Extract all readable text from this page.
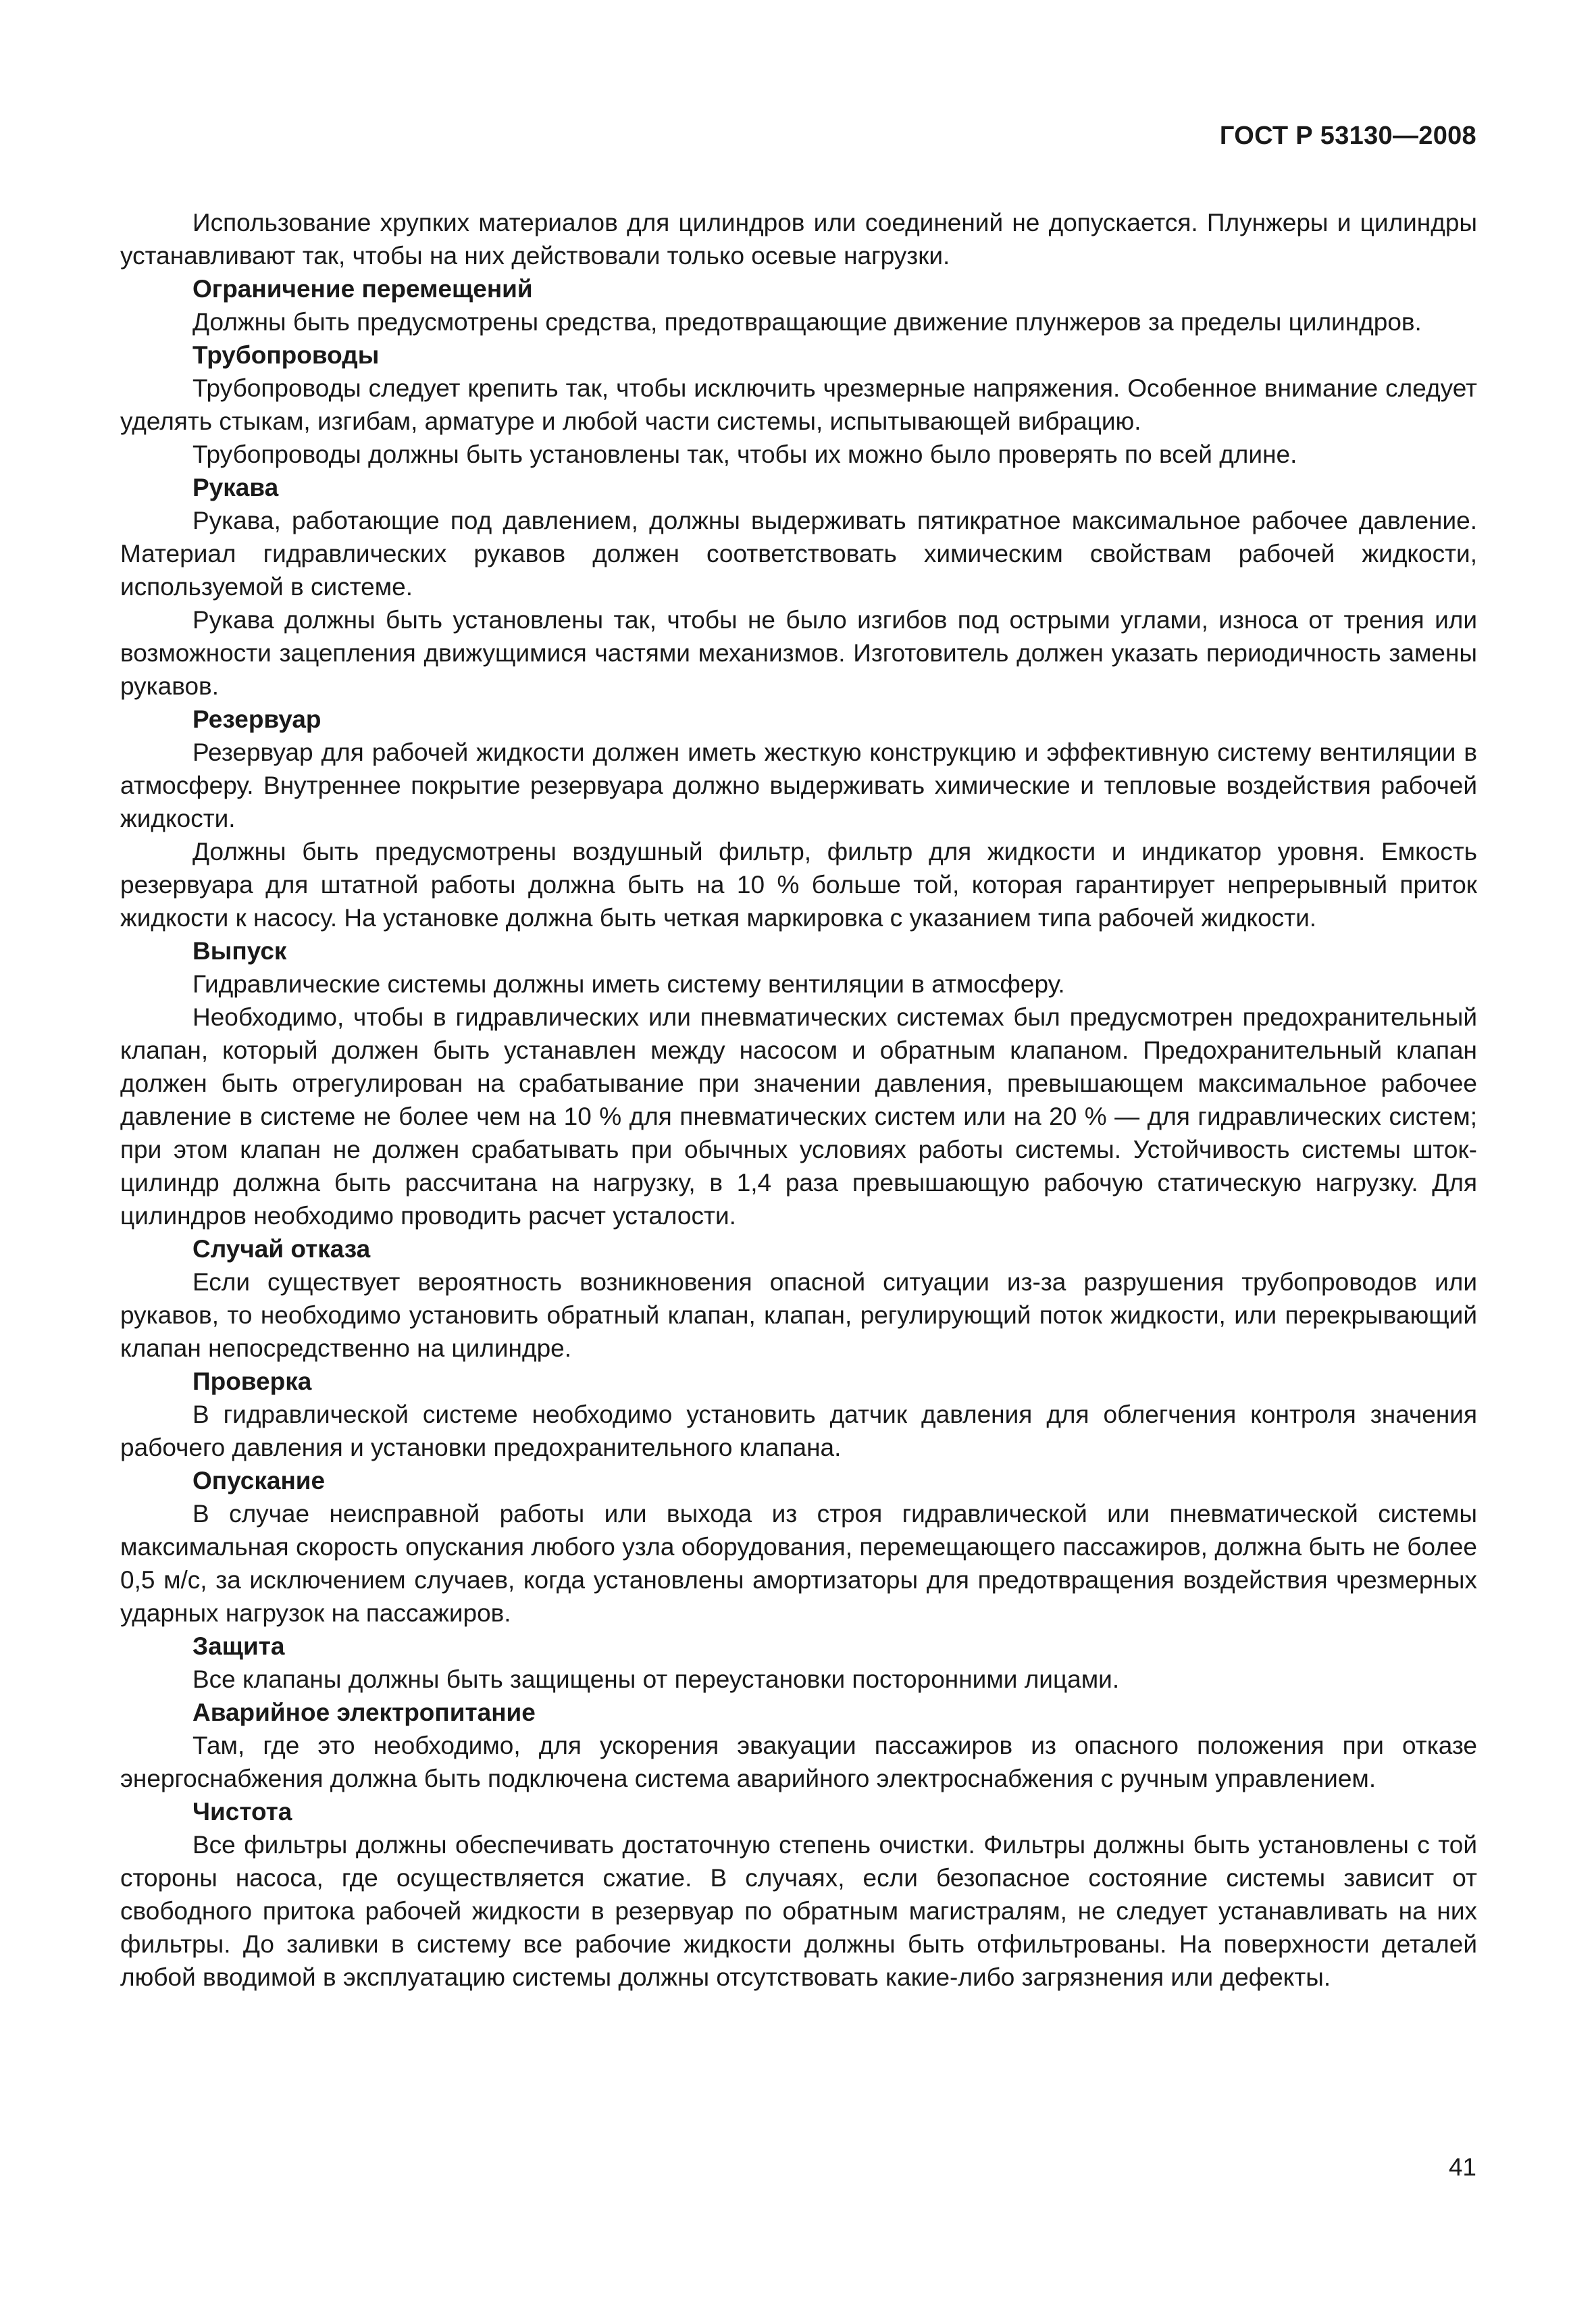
ГОСТ Р 53130—2008

Использование хрупких материалов для цилиндров или соединений не допускается. Плунжеры и цилиндры устанавливают так, чтобы на них действовали только осевые нагрузки.

Ограничение перемещений

Должны быть предусмотрены средства, предотвращающие движение плунжеров за пределы цилиндров.

Трубопроводы

Трубопроводы следует крепить так, чтобы исключить чрезмерные напряжения. Особенное внимание следует уделять стыкам, изгибам, арматуре и любой части системы, испытывающей вибрацию.

Трубопроводы должны быть установлены так, чтобы их можно было проверять по всей длине.

Рукава

Рукава, работающие под давлением, должны выдерживать пятикратное максимальное рабочее давление. Материал гидравлических рукавов должен соответствовать химическим свойствам рабочей жидкости, используемой в системе.

Рукава должны быть установлены так, чтобы не было изгибов под острыми углами, износа от трения или возможности зацепления движущимися частями механизмов. Изготовитель должен указать периодичность замены рукавов.

Резервуар

Резервуар для рабочей жидкости должен иметь жесткую конструкцию и эффективную систему вентиляции в атмосферу. Внутреннее покрытие резервуара должно выдерживать химические и тепловые воздействия рабочей жидкости.

Должны быть предусмотрены воздушный фильтр, фильтр для жидкости и индикатор уровня. Емкость резервуара для штатной работы должна быть на 10 % больше той, которая гарантирует непрерывный приток жидкости к насосу. На установке должна быть четкая маркировка с указанием типа рабочей жидкости.

Выпуск

Гидравлические системы должны иметь систему вентиляции в атмосферу.

Необходимо, чтобы в гидравлических или пневматических системах был предусмотрен предохранительный клапан, который должен быть устанавлен между насосом и обратным клапаном. Предохранительный клапан должен быть отрегулирован на срабатывание при значении давления, превышающем максимальное рабочее давление в системе не более чем на 10 % для пневматических систем или на 20 % — для гидравлических систем; при этом клапан не должен срабатывать при обычных условиях работы системы. Устойчивость системы шток-цилиндр должна быть рассчитана на нагрузку, в 1,4 раза превышающую рабочую статическую нагрузку. Для цилиндров необходимо проводить расчет усталости.

Случай отказа

Если существует вероятность возникновения опасной ситуации из-за разрушения трубопроводов или рукавов, то необходимо установить обратный клапан, клапан, регулирующий поток жидкости, или перекрывающий клапан непосредственно на цилиндре.

Проверка

В гидравлической системе необходимо установить датчик давления для облегчения контроля значения рабочего давления и установки предохранительного клапана.

Опускание

В случае неисправной работы или выхода из строя гидравлической или пневматической системы максимальная скорость опускания любого узла оборудования, перемещающего пассажиров, должна быть не более 0,5 м/с, за исключением случаев, когда установлены амортизаторы для предотвращения воздействия чрезмерных ударных нагрузок на пассажиров.

Защита

Все клапаны должны быть защищены от переустановки посторонними лицами.

Аварийное электропитание

Там, где это необходимо, для ускорения эвакуации пассажиров из опасного положения при отказе энергоснабжения должна быть подключена система аварийного электроснабжения с ручным управлением.

Чистота

Все фильтры должны обеспечивать достаточную степень очистки. Фильтры должны быть установлены с той стороны насоса, где осуществляется сжатие. В случаях, если безопасное состояние системы зависит от свободного притока рабочей жидкости в резервуар по обратным магистралям, не следует устанавливать на них фильтры. До заливки в систему все рабочие жидкости должны быть отфильтрованы. На поверхности деталей любой вводимой в эксплуатацию системы должны отсутствовать какие-либо загрязнения или дефекты.

41
